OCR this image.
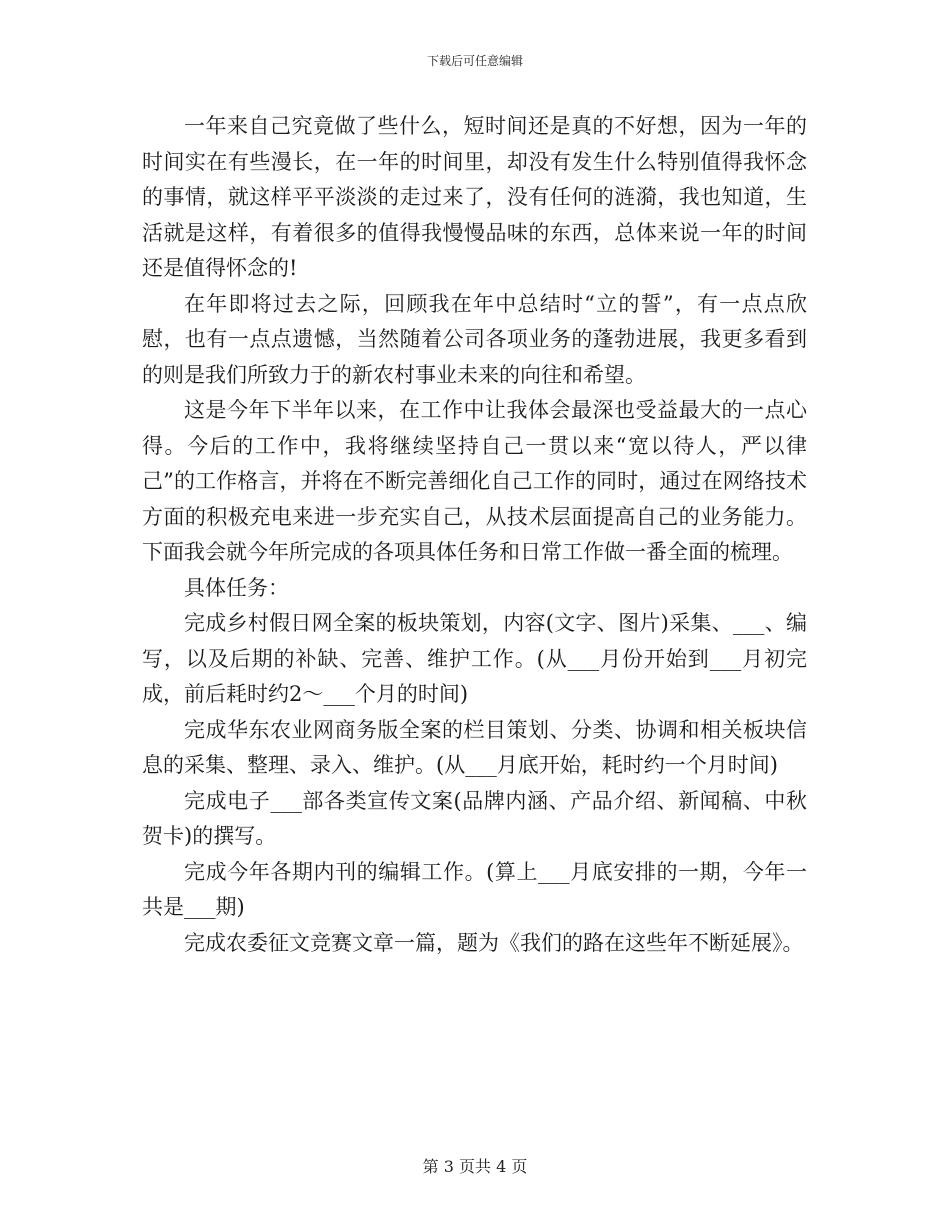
下载后可任意编辑

一年来自己究竟做了些什么，短时间还是真的不好想，因为一年的时间实在有些漫长，在一年的时间里，却没有发生什么特别值得我怀念的事情，就这样平平淡淡的走过来了，没有任何的涟漪，我也知道，生活就是这样，有着很多的值得我慢慢品味的东西，总体来说一年的时间还是值得怀念的!

在年即将过去之际，回顾我在年中总结时“立的誓”，有一点点欣慰，也有一点点遗憾，当然随着公司各项业务的蓬勃进展，我更多看到的则是我们所致力于的新农村事业未来的向往和希望。

这是今年下半年以来，在工作中让我体会最深也受益最大的一点心得。今后的工作中，我将继续坚持自己一贯以来“宽以待人，严以律己”的工作格言，并将在不断完善细化自己工作的同时，通过在网络技术方面的积极充电来进一步充实自己，从技术层面提高自己的业务能力。下面我会就今年所完成的各项具体任务和日常工作做一番全面的梳理。

具体任务：

完成乡村假日网全案的板块策划，内容(文字、图片)采集、___、编写，以及后期的补缺、完善、维护工作。(从___月份开始到___月初完成，前后耗时约2～___个月的时间)

完成华东农业网商务版全案的栏目策划、分类、协调和相关板块信息的采集、整理、录入、维护。(从___月底开始，耗时约一个月时间)

完成电子___部各类宣传文案(品牌内涵、产品介绍、新闻稿、中秋贺卡)的撰写。

完成今年各期内刊的编辑工作。(算上___月底安排的一期，今年一共是___期)

完成农委征文竞赛文章一篇，题为《我们的路在这些年不断延展》。

第 3 页共 4 页
